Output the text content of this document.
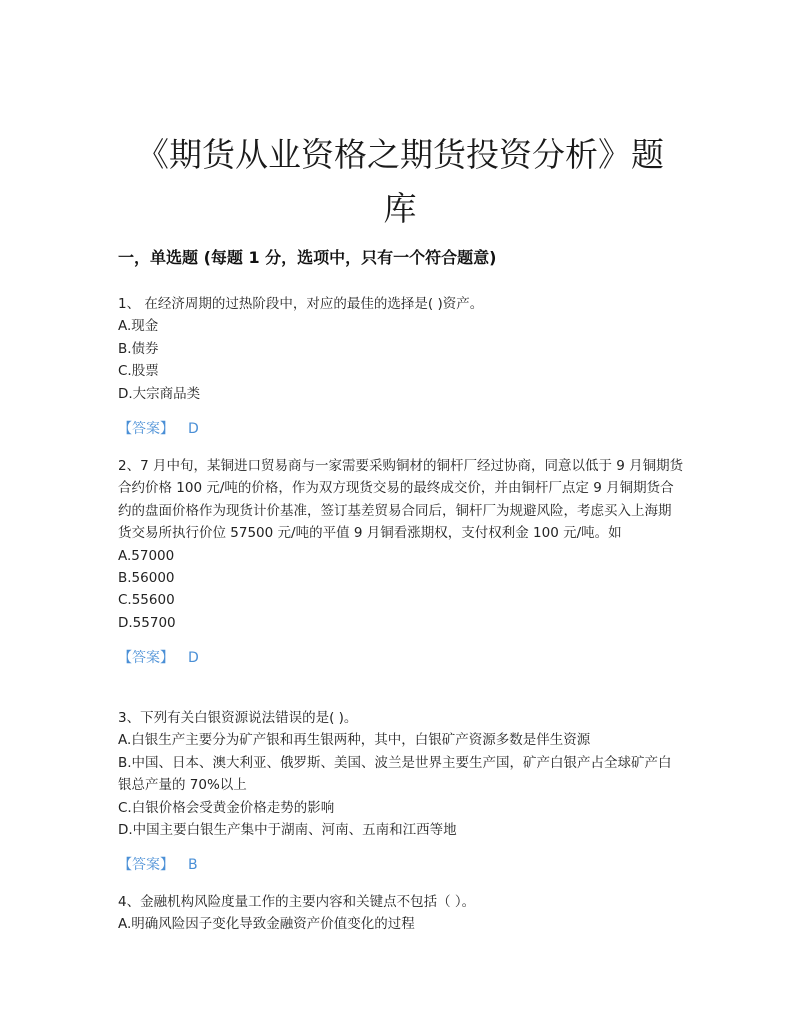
《期货从业资格之期货投资分析》题
库
一，单选题 (每题 1 分，选项中，只有一个符合题意)

1、 在经济周期的过热阶段中，对应的最佳的选择是( )资产。

A.现金
B.债券
C.股票
D.大宗商品类
【答案】 D

2、7 月中旬，某铜进口贸易商与一家需要采购铜材的铜杆厂经过协商，同意以低于 9 月铜期货合约价格 100 元/吨的价格，作为双方现货交易的最终成交价，并由铜杆厂点定 9 月铜期货合约的盘面价格作为现货计价基准，签订基差贸易合同后，铜杆厂为规避风险，考虑买入上海期货交易所执行价位 57500 元/吨的平值 9 月铜看涨期权，支付权利金 100 元/吨。如

A.57000
B.56000
C.55600
D.55700
【答案】 D

3、下列有关白银资源说法错误的是( )。

A.白银生产主要分为矿产银和再生银两种，其中，白银矿产资源多数是伴生资源
B.中国、日本、澳大利亚、俄罗斯、美国、波兰是世界主要生产国，矿产白银产占全球矿产白银总产量的 70%以上
C.白银价格会受黄金价格走势的影响
D.中国主要白银生产集中于湖南、河南、五南和江西等地
【答案】 B

4、金融机构风险度量工作的主要内容和关键点不包括（ ）。

A.明确风险因子变化导致金融资产价值变化的过程
